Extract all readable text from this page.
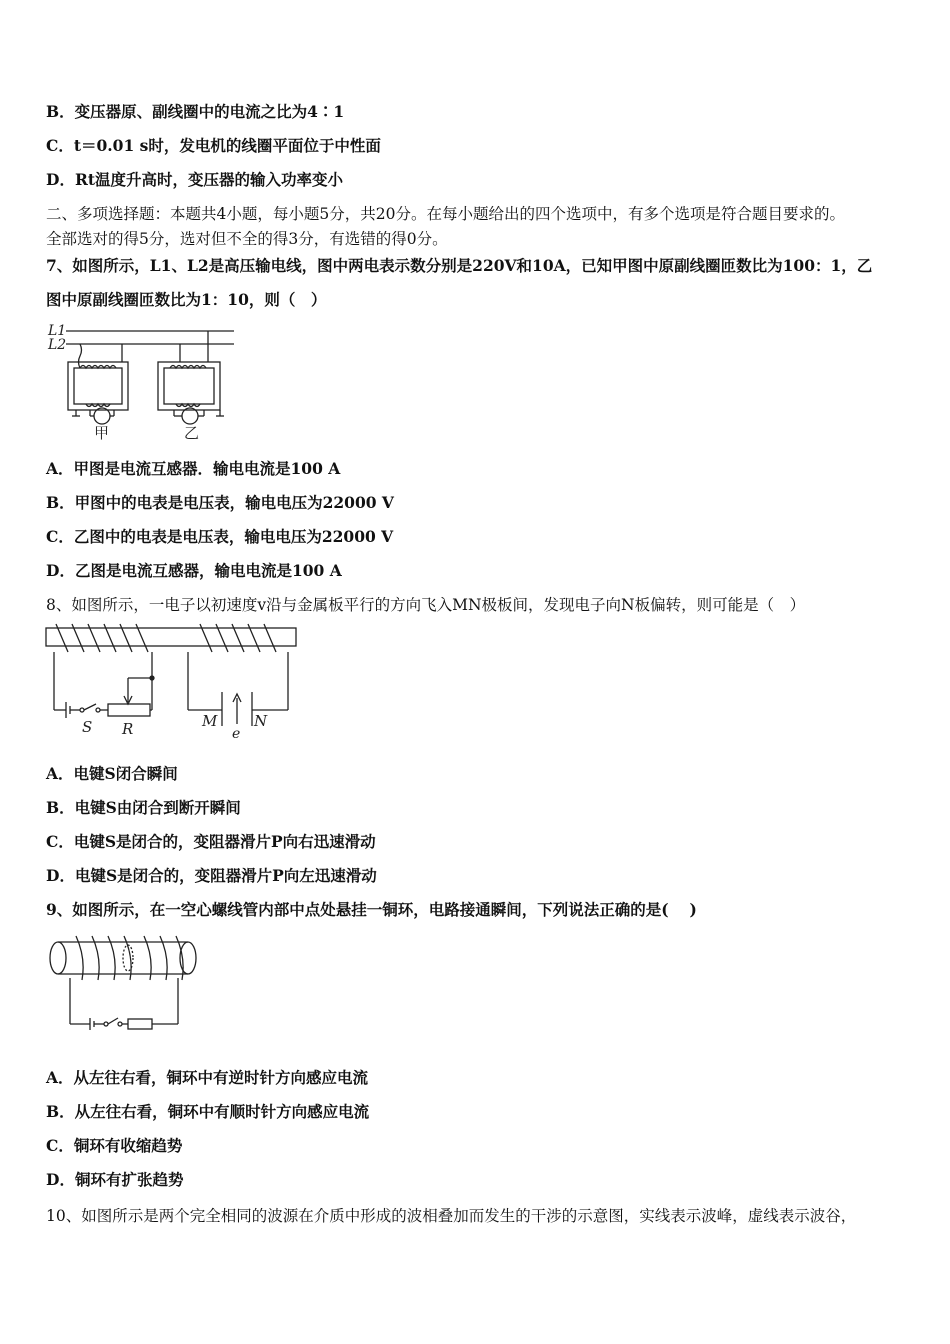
B．变压器原、副线圈中的电流之比为4∶1
C．t＝0.01 s时，发电机的线圈平面位于中性面
D．Rt温度升高时，变压器的输入功率变小
二、多项选择题：本题共4小题，每小题5分，共20分。在每小题给出的四个选项中，有多个选项是符合题目要求的。
全部选对的得5分，选对但不全的得3分，有选错的得0分。
7、如图所示，L1、L2是高压输电线，图中两电表示数分别是220V和10A，已知甲图中原副线圈匝数比为100：1，乙
图中原副线圈匝数比为1：10，则（　）
L1
L2
甲	乙
A．甲图是电流互感器．输电电流是100 A
B．甲图中的电表是电压表，输电电压为22000 V
C．乙图中的电表是电压表，输电电压为22000 V
D．乙图是电流互感器，输电电流是100 A
8、如图所示，一电子以初速度v沿与金属板平行的方向飞入MN极板间，发现电子向N板偏转，则可能是（　）
S R	M N
e
A．电键S闭合瞬间
B．电键S由闭合到断开瞬间
C．电键S是闭合的，变阻器滑片P向右迅速滑动
D．电键S是闭合的，变阻器滑片P向左迅速滑动
9、如图所示，在一空心螺线管内部中点处悬挂一铜环，电路接通瞬间，下列说法正确的是(　 )
A．从左往右看，铜环中有逆时针方向感应电流
B．从左往右看，铜环中有顺时针方向感应电流
C．铜环有收缩趋势
D．铜环有扩张趋势
10、如图所示是两个完全相同的波源在介质中形成的波相叠加而发生的干涉的示意图，实线表示波峰，虚线表示波谷，
